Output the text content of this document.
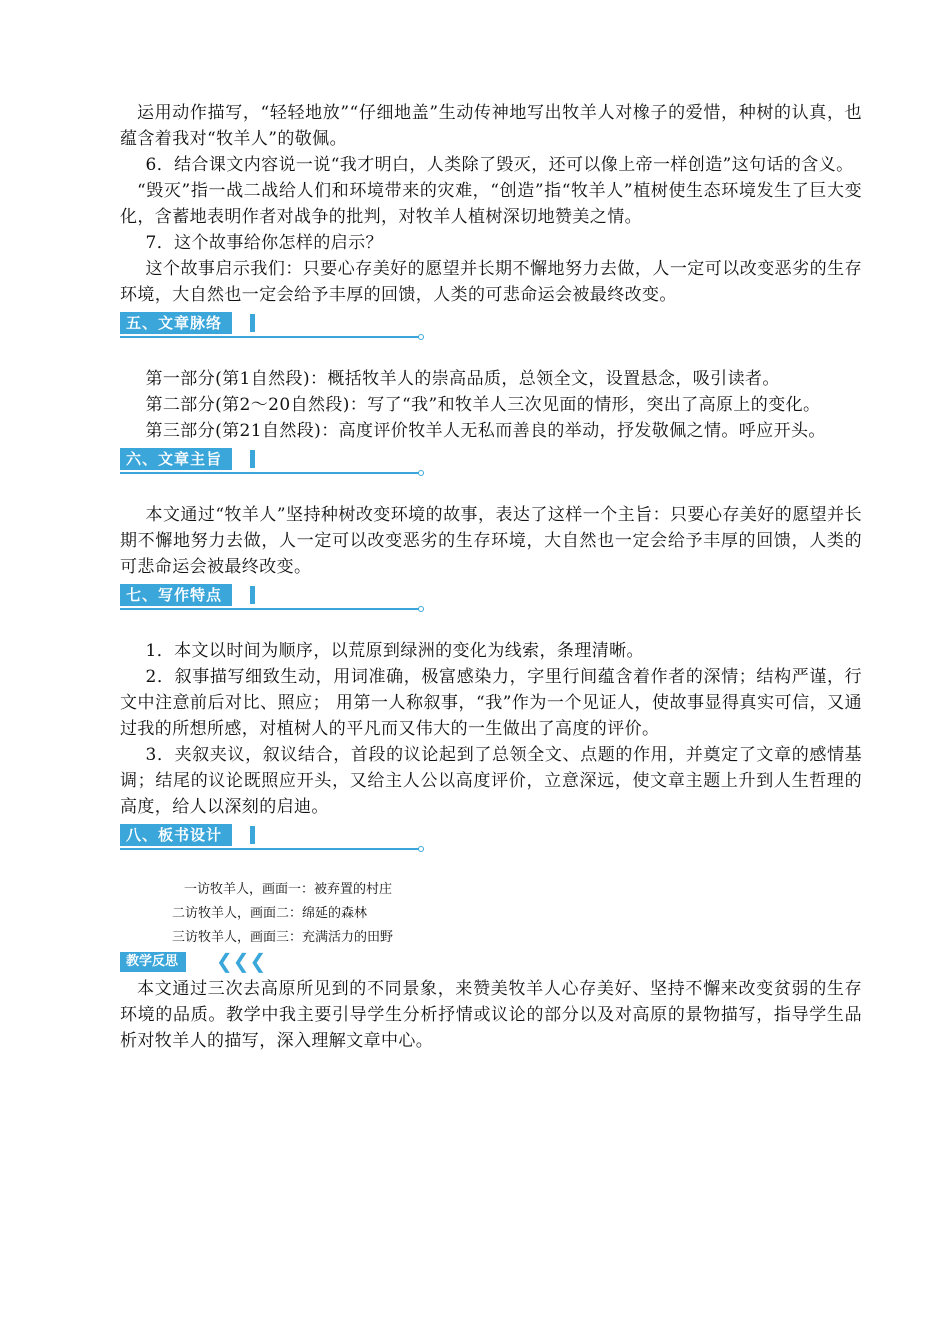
运用动作描写，“轻轻地放”“仔细地盖”生动传神地写出牧羊人对橡子的爱惜，种树的认真，也蕴含着我对“牧羊人”的敬佩。

6．结合课文内容说一说“我才明白，人类除了毁灭，还可以像上帝一样创造”这句话的含义。

“毁灭”指一战二战给人们和环境带来的灾难，“创造”指“牧羊人”植树使生态环境发生了巨大变化，含蓄地表明作者对战争的批判，对牧羊人植树深切地赞美之情。

7．这个故事给你怎样的启示？

这个故事启示我们：只要心存美好的愿望并长期不懈地努力去做，人一定可以改变恶劣的生存环境，大自然也一定会给予丰厚的回馈，人类的可悲命运会被最终改变。

五、文章脉络

第一部分(第1自然段)：概括牧羊人的崇高品质，总领全文，设置悬念，吸引读者。

第二部分(第2～20自然段)：写了“我”和牧羊人三次见面的情形，突出了高原上的变化。

第三部分(第21自然段)：高度评价牧羊人无私而善良的举动，抒发敬佩之情。呼应开头。

六、文章主旨

本文通过“牧羊人”坚持种树改变环境的故事，表达了这样一个主旨：只要心存美好的愿望并长期不懈地努力去做，人一定可以改变恶劣的生存环境，大自然也一定会给予丰厚的回馈，人类的可悲命运会被最终改变。

七、写作特点

1．本文以时间为顺序，以荒原到绿洲的变化为线索，条理清晰。

2．叙事描写细致生动，用词准确，极富感染力，字里行间蕴含着作者的深情；结构严谨，行文中注意前后对比、照应； 用第一人称叙事，“我”作为一个见证人，使故事显得真实可信，又通过我的所想所感，对植树人的平凡而又伟大的一生做出了高度的评价。

3．夹叙夹议，叙议结合，首段的议论起到了总领全文、点题的作用，并奠定了文章的感情基调；结尾的议论既照应开头，又给主人公以高度评价，立意深远，使文章主题上升到人生哲理的高度，给人以深刻的启迪。

八、板书设计
一访牧羊人，画面一：被弃置的村庄
二访牧羊人，画面二：绵延的森林
三访牧羊人，画面三：充满活力的田野
教学反思	❮❮❮

本文通过三次去高原所见到的不同景象，来赞美牧羊人心存美好、坚持不懈来改变贫弱的生存环境的品质。教学中我主要引导学生分析抒情或议论的部分以及对高原的景物描写，指导学生品析对牧羊人的描写，深入理解文章中心。
